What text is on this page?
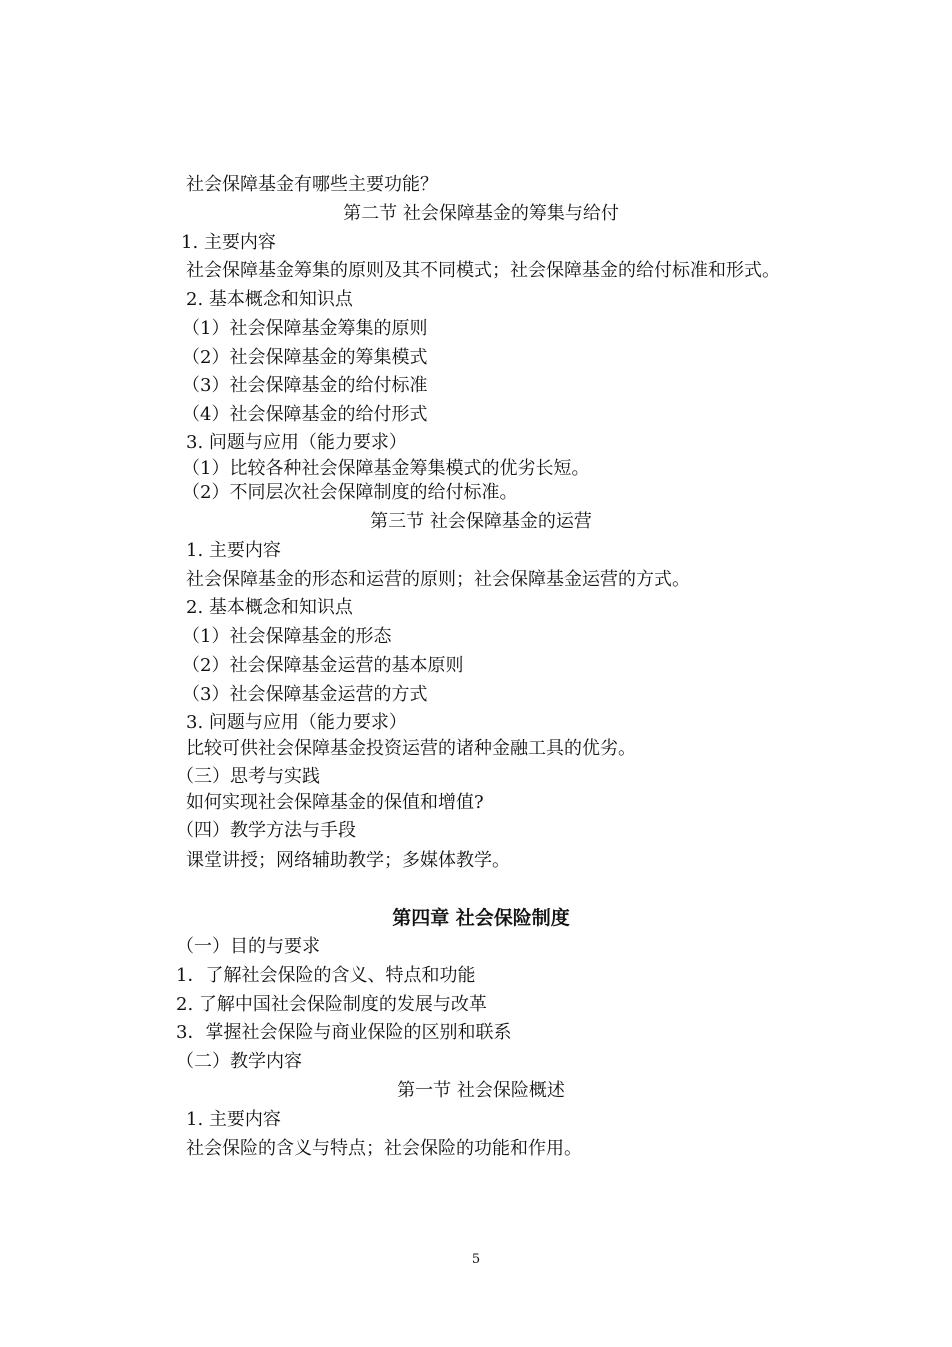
社会保障基金有哪些主要功能？
第二节 社会保障基金的筹集与给付
1. 主要内容
社会保障基金筹集的原则及其不同模式；社会保障基金的给付标准和形式。
2. 基本概念和知识点
（1）社会保障基金筹集的原则
（2）社会保障基金的筹集模式
（3）社会保障基金的给付标准
（4）社会保障基金的给付形式
3. 问题与应用（能力要求）
（1）比较各种社会保障基金筹集模式的优劣长短。
（2）不同层次社会保障制度的给付标准。
第三节 社会保障基金的运营
1. 主要内容
社会保障基金的形态和运营的原则；社会保障基金运营的方式。
2. 基本概念和知识点
（1）社会保障基金的形态
（2）社会保障基金运营的基本原则
（3）社会保障基金运营的方式
3. 问题与应用（能力要求）
比较可供社会保障基金投资运营的诸种金融工具的优劣。
（三）思考与实践
如何实现社会保障基金的保值和增值?
（四）教学方法与手段
课堂讲授；网络辅助教学；多媒体教学。
第四章 社会保险制度
（一）目的与要求
1．了解社会保险的含义、特点和功能
2. 了解中国社会保险制度的发展与改革
3．掌握社会保险与商业保险的区别和联系
（二）教学内容
第一节 社会保险概述
1. 主要内容
社会保险的含义与特点；社会保险的功能和作用。
5
